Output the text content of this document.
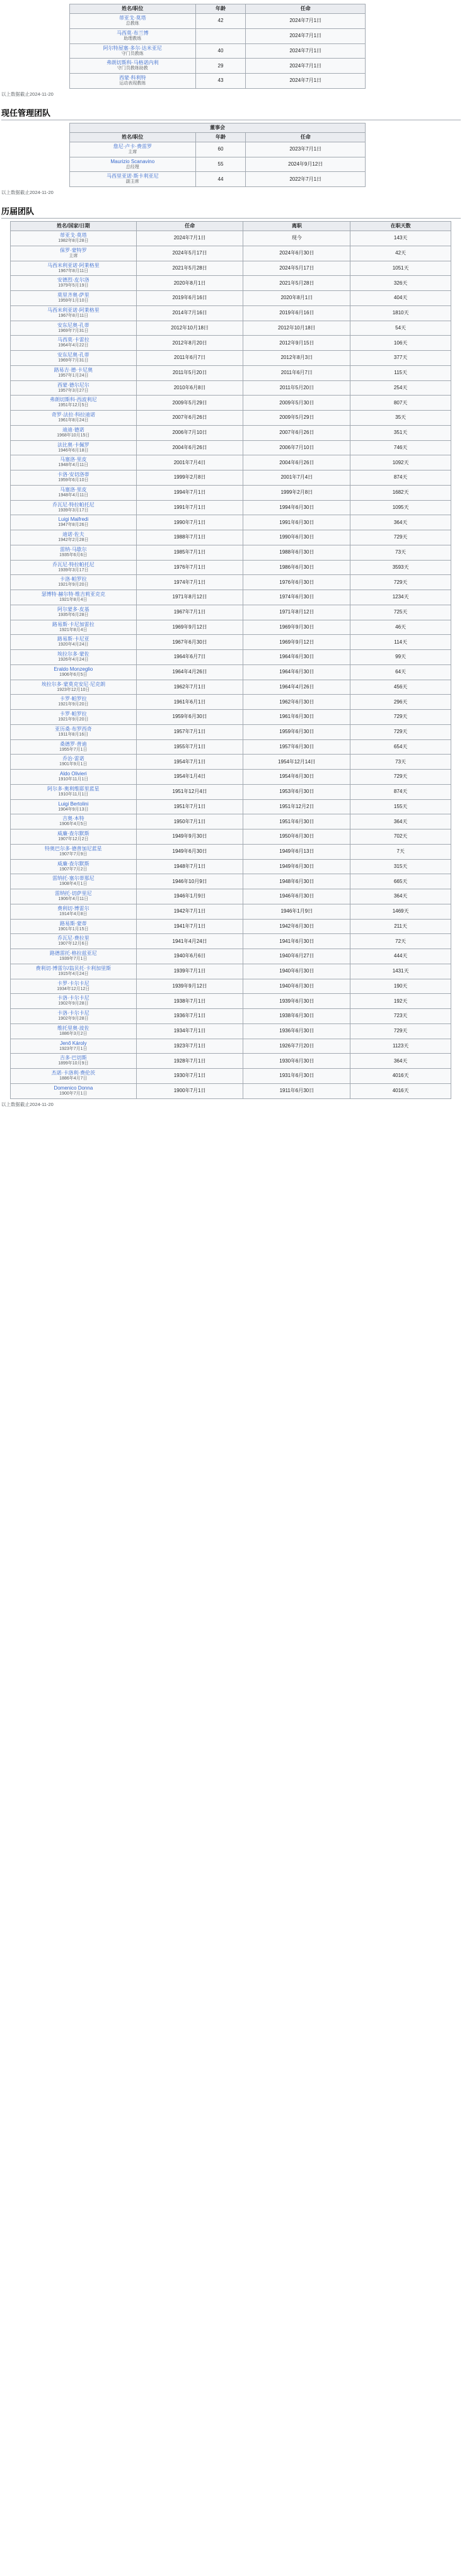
姓名/职位	年龄	任命
蒂亚戈·莫塔
总教练	42	2024年7月1日
马西莫·布兰博
助理教练		2024年7月1日
阿尔特屋塞·多尔·达米亚尼
守门员教练	40	2024年7月1日
弗朗切斯科·马格诺内利
守门员教练助教	29	2024年7月1日
西蒙·科利特
运动表现教练	43	2024年7月1日
以上数据截止2024-11-20
现任管理团队
董事会		
姓名/职位	年龄	任命
詹尼·卢卡·费雷罗
主席	60	2023年7月1日
Maurizio Scanavino
总经理	55	2024年9月12日
马西里亚诺·斯卡利亚尼
副主席	44	2022年7月1日
以上数据截止2024-11-20
历届团队
姓名/国家/日期	任命	离职	在职天数
蒂亚戈·莫塔
1982年8月28日	2024年7月1日	现今	143天
保罗·蒙特罗
主席	2024年5月17日	2024年6月30日	42天
马西米利亚诺·阿莱格里
1967年8月11日	2021年5月28日	2024年5月17日	1051天
安德烈·皮尔洛
1979年5月19日	2020年8月1日	2021年5月28日	326天
莫里齐奥·萨里
1959年1月10日	2019年6月16日	2020年8月1日	404天
马西米利亚诺·阿莱格里
1967年8月11日	2014年7月16日	2019年6月16日	1810天
安东尼奥·孔蒂
1969年7月31日	2012年10月18日	2012年10月18日	54天
马西莫·卡雷拉
1964年4月22日	2012年8月20日	2012年9月15日	106天
安东尼奥·孔蒂
1969年7月31日	2011年6月7日	2012年8月3日	377天
路易吉·德·卡尼奥
1957年1月24日	2011年5月20日	2011年6月7日	115天
西蒙·德尔尼尔
1957年3月27日	2010年6月8日	2011年5月20日	254天
弗朗切斯科·西波利尼
1951年12月5日	2009年5月29日	2009年5月30日	807天
奇罗·法拉·科拉迪诺
1961年8月24日	2007年6月26日	2009年5月29日	35天
迪迪·德诺
1968年10月15日	2006年7月10日	2007年6月26日	351天
法比奥·卡佩罗
1946年6月18日	2004年6月26日	2006年7月10日	746天
马塞洛·里皮
1948年4月11日	2001年7月4日	2004年6月26日	1092天
卡洛·安切洛蒂
1959年6月10日	1999年2月8日	2001年7月4日	874天
马塞洛·里皮
1948年4月11日	1994年7月1日	1999年2月8日	1682天
乔瓦尼·特拉帕托尼
1939年3月17日	1991年7月1日	1994年6月30日	1095天
Luigi Maifredi
1947年8月26日	1990年7月1日	1991年6月30日	364天
迪诺·佐夫
1942年2月28日	1988年7月1日	1990年6月30日	729天
雷纳·马歇尔
1935年6月6日	1985年7月1日	1988年6月30日	73天
乔瓦尼·特拉帕托尼
1939年3月17日	1976年7月1日	1986年6月30日	3593天
卡洛·帕罗拉
1921年9月20日	1974年7月1日	1976年6月30日	729天
瑟博特·赫尔特·维吉莉亚克克
1921年8月4日	1971年8月12日	1974年6月30日	1234天
阿尔蒙多·皮基
1935年6月28日	1967年7月1日	1971年8月12日	725天
路易斯·卡尼加雷拉
1921年8月4日	1969年9月12日	1969年9月30日	46天
路易斯·卡尼亚
1920年4月24日	1967年6月30日	1969年9月12日	114天
埃拉尔多·蒙佐
1926年4月24日	1964年6月7日	1964年6月30日	99天
Eraldo Monzeglio
1906年6月5日	1964年4月26日	1964年6月30日	64天
埃拉尔多·蒙莫克安尼·尼克朗
1923年12月10日	1962年7月1日	1964年4月26日	456天
卡罗·帕罗拉
1921年9月20日	1961年6月1日	1962年6月30日	296天
卡罗·帕罗拉
1921年9月20日	1959年6月30日	1961年6月30日	729天
亚历桑·布罗西奇
1911年8月16日	1957年7月1日	1959年6月30日	729天
桑德罗·普迪
1955年7月1日	1955年7月1日	1957年6月30日	654天
乔治·雷诺
1901年9月1日	1954年7月1日	1954年12月14日	73天
Aldo Olivieri
1910年11月1日	1954年1月4日	1954年6月30日	729天
阿尔多·奥利维耶里蓝星
1910年11月1日	1951年12月4日	1953年6月30日	874天
Luigi Bertolini
1904年9月13日	1951年7月1日	1951年12月2日	155天
吉奥·本特
1906年4月5日	1950年7月1日	1951年6月30日	364天
威廉·查尔默斯
1907年12月2日	1949年9月30日	1950年6月30日	702天
特奥巴尔多·德普加尼蓝星
1907年7月9日	1949年6月30日	1949年6月13日	7天
威廉·查尔默斯
1907年7月2日	1948年7月1日	1949年6月30日	315天
雷纳托·塞尔蒂那尼
1908年4月1日	1946年10月9日	1948年6月30日	665天
雷纳托·切萨里尼
1906年4月11日	1946年1月9日	1946年6月30日	364天
费利切·博雷尔
1914年4月8日	1942年7月1日	1946年1月9日	1469天
路易斯·蒙蒂
1901年1月15日	1941年7月1日	1942年6月30日	211天
乔瓦尼·费拉里
1907年12月6日	1941年4月24日	1941年6月30日	72天
路德雷托·格拉兹亚尼
1939年7月1日	1940年6月6日	1940年6月27日	444天
费利切·博雷尔/翁贝托·卡利加里斯
1915年4月24日	1939年7月1日	1940年6月30日	1431天
卡罗·卡尔卡尼
1934年12月12日	1939年9月12日	1940年6月30日	190天
卡洛·卡尔卡尼
1902年9月28日	1938年7月1日	1939年6月30日	192天
卡洛·卡尔卡尼
1902年9月28日	1936年7月1日	1938年6月30日	723天
维托里奥·波佐
1886年3月2日	1934年7月1日	1936年6月30日	729天
Jenő Károly
1923年7月1日	1923年7月1日	1926年7月20日	1123天
吉多·巴切斯
1899年10月9日	1928年7月1日	1930年6月30日	364天
杰诺·卡洛利·费伦茨
1886年4月7日	1930年7月1日	1931年6月30日	4016天
Domenico Donna
1900年7月1日	1900年7月1日	1911年6月30日	4016天
以上数据截止2024-11-20
